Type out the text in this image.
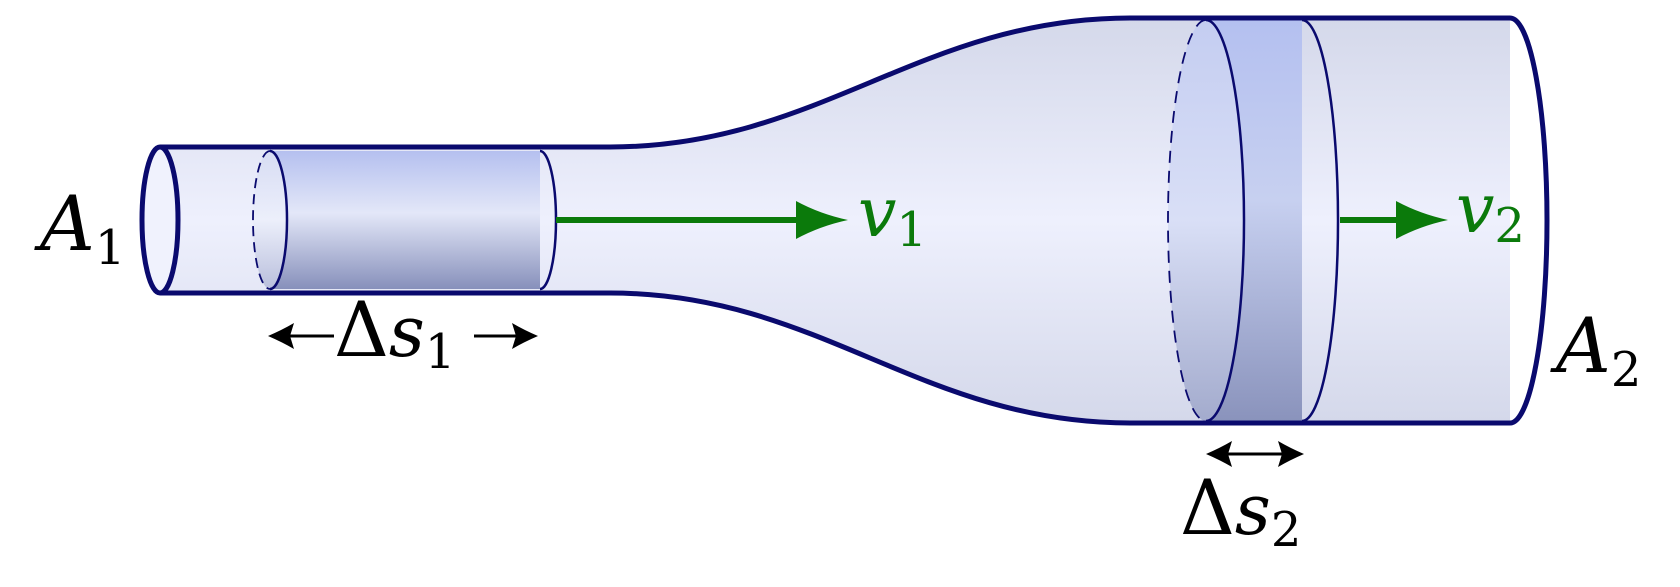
A1
A2
v1	v2
Δs1
Δs2
